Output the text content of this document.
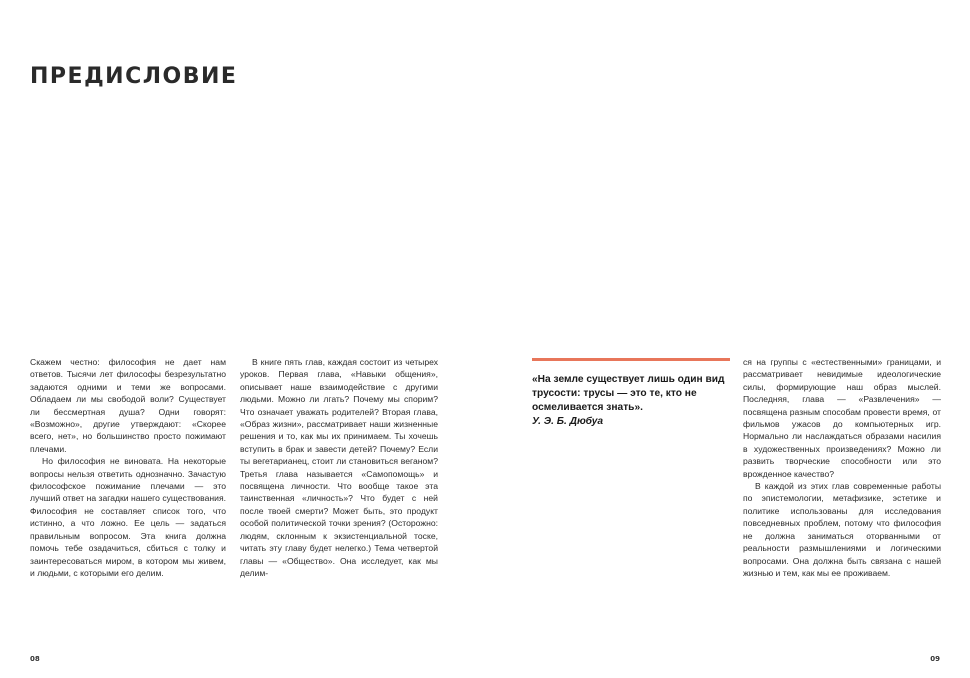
ПРЕДИСЛОВИЕ

Скажем честно: философия не дает нам ответов. Тысячи лет философы безрезультатно задаются одними и теми же вопросами. Обладаем ли мы свободой воли? Существует ли бессмертная душа? Одни говорят: «Возможно», другие утверждают: «Скорее всего, нет», но большинство просто пожимают плечами.

Но философия не виновата. На некоторые вопросы нельзя ответить однозначно. Зачастую философское пожимание плечами — это лучший ответ на загадки нашего существования. Философия не составляет список того, что истинно, а что ложно. Ее цель — задаться правильным вопросом. Эта книга должна помочь тебе озадачиться, сбиться с толку и заинтересоваться миром, в котором мы живем, и людьми, с которыми его делим.

В книге пять глав, каждая состоит из четырех уроков. Первая глава, «Навыки общения», описывает наше взаимодействие с другими людьми. Можно ли лгать? Почему мы спорим? Что означает уважать родителей? Вторая глава, «Образ жизни», рассматривает наши жизненные решения и то, как мы их принимаем. Ты хочешь вступить в брак и завести детей? Почему? Если ты вегетарианец, стоит ли становиться веганом? Третья глава называется «Самопомощь» и посвящена личности. Что вообще такое эта таинственная «личность»? Что будет с ней после твоей смерти? Может быть, это продукт особой политической точки зрения? (Осторожно: людям, склонным к экзистенциальной тоске, читать эту главу будет нелегко.) Тема четвертой главы — «Общество». Она исследует, как мы делим-

08

«На земле существует лишь один вид трусости: трусы — это те, кто не осмеливается знать».

У. Э. Б. Дюбуа

ся на группы с «естественными» границами, и рассматривает невидимые идеологические силы, формирующие наш образ мыслей. Последняя, глава — «Развлечения» — посвящена разным способам провести время, от фильмов ужасов до компьютерных игр. Нормально ли наслаждаться образами насилия в художественных произведениях? Можно ли развить творческие способности или это врожденное качество?

В каждой из этих глав современные работы по эпистемологии, метафизике, эстетике и политике использованы для исследования повседневных проблем, потому что философия не должна заниматься оторванными от реальности размышлениями и логическими вопросами. Она должна быть связана с нашей жизнью и тем, как мы ее проживаем.

09
